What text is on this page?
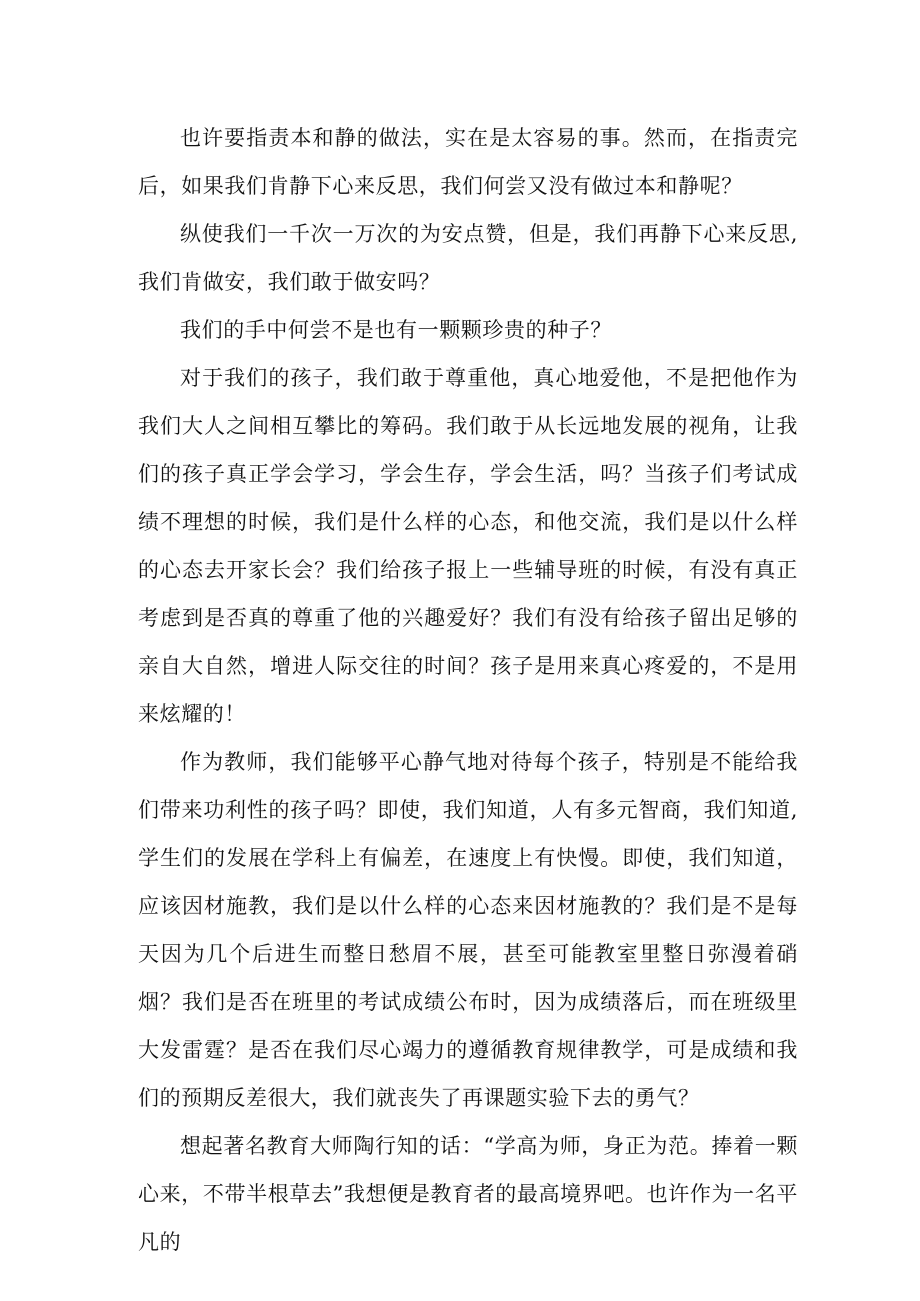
也许要指责本和静的做法，实在是太容易的事。然而，在指责完后，如果我们肯静下心来反思，我们何尝又没有做过本和静呢？

纵使我们一千次一万次的为安点赞，但是，我们再静下心来反思,我们肯做安，我们敢于做安吗？

我们的手中何尝不是也有一颗颗珍贵的种子？

对于我们的孩子，我们敢于尊重他，真心地爱他，不是把他作为我们大人之间相互攀比的筹码。我们敢于从长远地发展的视角，让我们的孩子真正学会学习，学会生存，学会生活，吗？当孩子们考试成绩不理想的时候，我们是什么样的心态，和他交流，我们是以什么样的心态去开家长会？我们给孩子报上一些辅导班的时候，有没有真正考虑到是否真的尊重了他的兴趣爱好？我们有没有给孩子留出足够的亲自大自然，增进人际交往的时间？孩子是用来真心疼爱的，不是用来炫耀的！

作为教师，我们能够平心静气地对待每个孩子，特别是不能给我们带来功利性的孩子吗？即使，我们知道，人有多元智商，我们知道,学生们的发展在学科上有偏差，在速度上有快慢。即使，我们知道，应该因材施教，我们是以什么样的心态来因材施教的？我们是不是每天因为几个后进生而整日愁眉不展，甚至可能教室里整日弥漫着硝烟？我们是否在班里的考试成绩公布时，因为成绩落后，而在班级里大发雷霆？是否在我们尽心竭力的遵循教育规律教学，可是成绩和我们的预期反差很大，我们就丧失了再课题实验下去的勇气？

想起著名教育大师陶行知的话：“学高为师，身正为范。捧着一颗心来，不带半根草去”我想便是教育者的最高境界吧。也许作为一名平凡的
